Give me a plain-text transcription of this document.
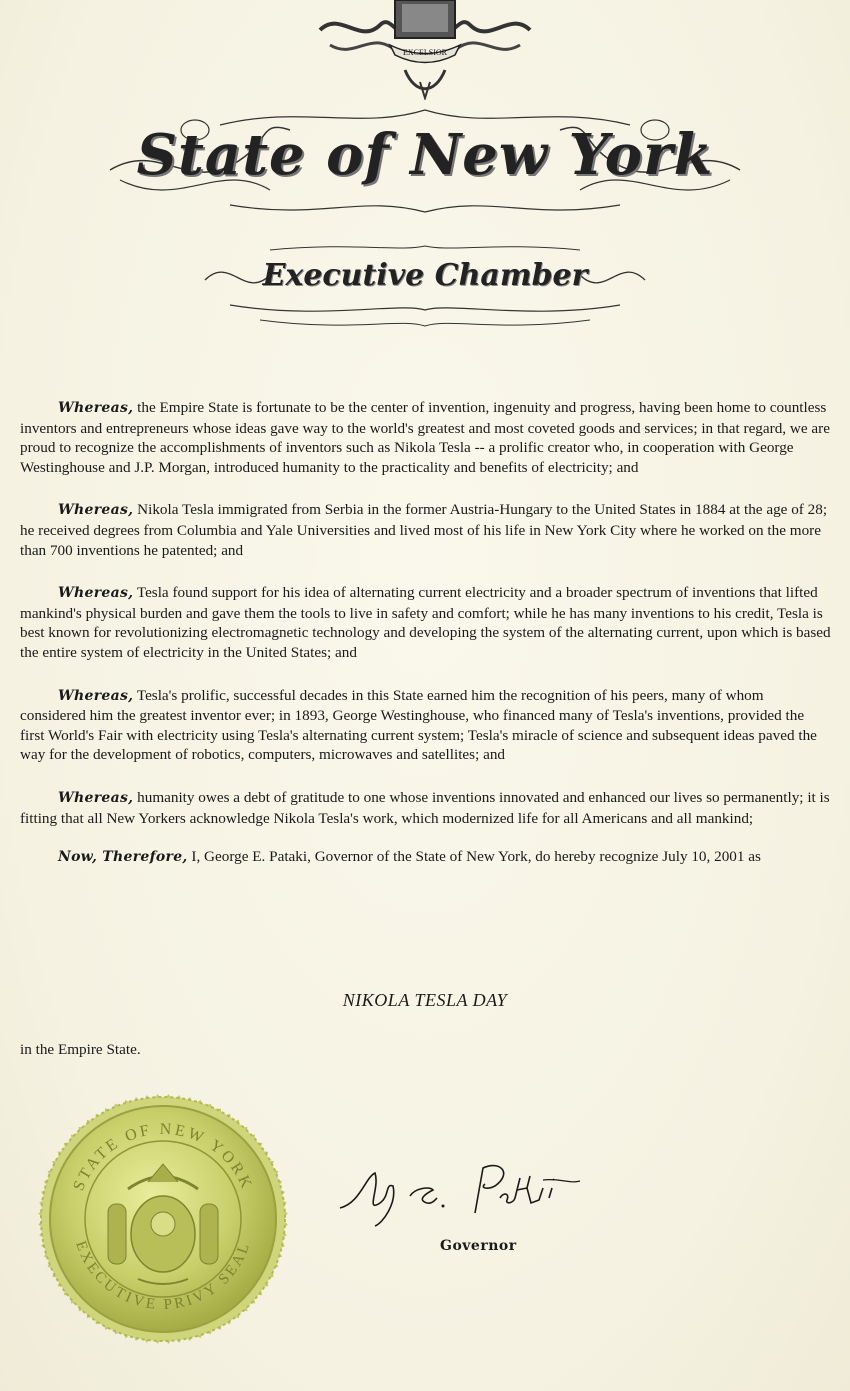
EXCELSIOR
State of New York
Executive Chamber

Whereas, the Empire State is fortunate to be the center of invention, ingenuity and progress, having been home to countless inventors and entrepreneurs whose ideas gave way to the world's greatest and most coveted goods and services; in that regard, we are proud to recognize the accomplishments of inventors such as Nikola Tesla -- a prolific creator who, in cooperation with George Westinghouse and J.P. Morgan, introduced humanity to the practicality and benefits of electricity; and

Whereas, Nikola Tesla immigrated from Serbia in the former Austria-Hungary to the United States in 1884 at the age of 28; he received degrees from Columbia and Yale Universities and lived most of his life in New York City where he worked on the more than 700 inventions he patented; and

Whereas, Tesla found support for his idea of alternating current electricity and a broader spectrum of inventions that lifted mankind's physical burden and gave them the tools to live in safety and comfort; while he has many inventions to his credit, Tesla is best known for revolutionizing electromagnetic technology and developing the system of the alternating current, upon which is based the entire system of electricity in the United States; and

Whereas, Tesla's prolific, successful decades in this State earned him the recognition of his peers, many of whom considered him the greatest inventor ever; in 1893, George Westinghouse, who financed many of Tesla's inventions, provided the first World's Fair with electricity using Tesla's alternating current system; Tesla's miracle of science and subsequent ideas paved the way for the development of robotics, computers, microwaves and satellites; and

Whereas, humanity owes a debt of gratitude to one whose inventions innovated and enhanced our lives so permanently; it is fitting that all New Yorkers acknowledge Nikola Tesla's work, which modernized life for all Americans and all mankind;

Now, Therefore, I, George E. Pataki, Governor of the State of New York, do hereby recognize July 10, 2001 as

NIKOLA TESLA DAY
in the Empire State.
STATE OF NEW YORK
EXECUTIVE PRIVY SEAL	Governor
